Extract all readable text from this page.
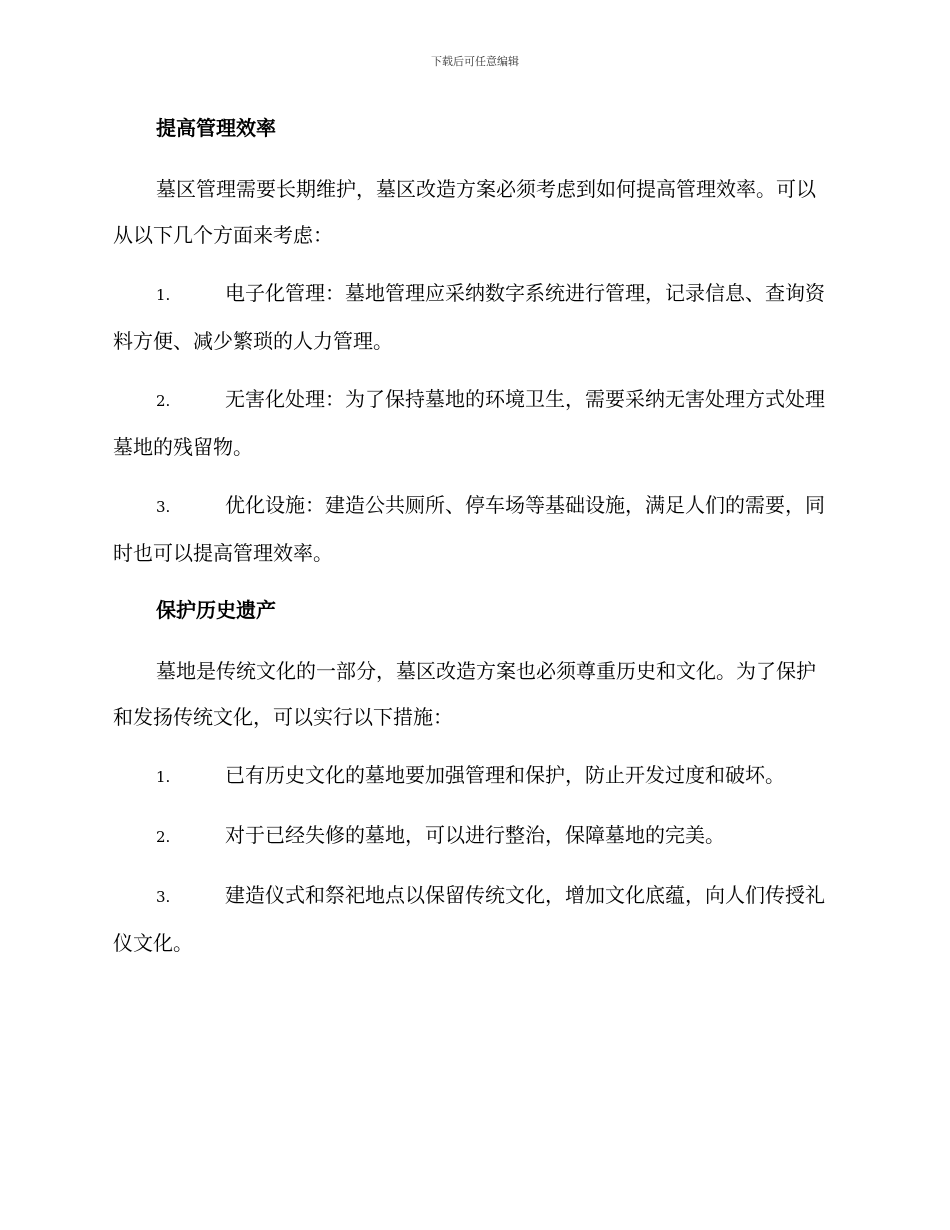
下载后可任意编辑

提高管理效率

墓区管理需要长期维护，墓区改造方案必须考虑到如何提高管理效率。可以从以下几个方面来考虑：

1.	电子化管理：墓地管理应采纳数字系统进行管理，记录信息、查询资料方便、减少繁琐的人力管理。

2.	无害化处理：为了保持墓地的环境卫生，需要采纳无害处理方式处理墓地的残留物。

3.	优化设施：建造公共厕所、停车场等基础设施，满足人们的需要，同时也可以提高管理效率。

保护历史遗产

墓地是传统文化的一部分，墓区改造方案也必须尊重历史和文化。为了保护和发扬传统文化，可以实行以下措施：

1.	已有历史文化的墓地要加强管理和保护，防止开发过度和破坏。

2.	对于已经失修的墓地，可以进行整治，保障墓地的完美。

3.	建造仪式和祭祀地点以保留传统文化，增加文化底蕴，向人们传授礼仪文化。
